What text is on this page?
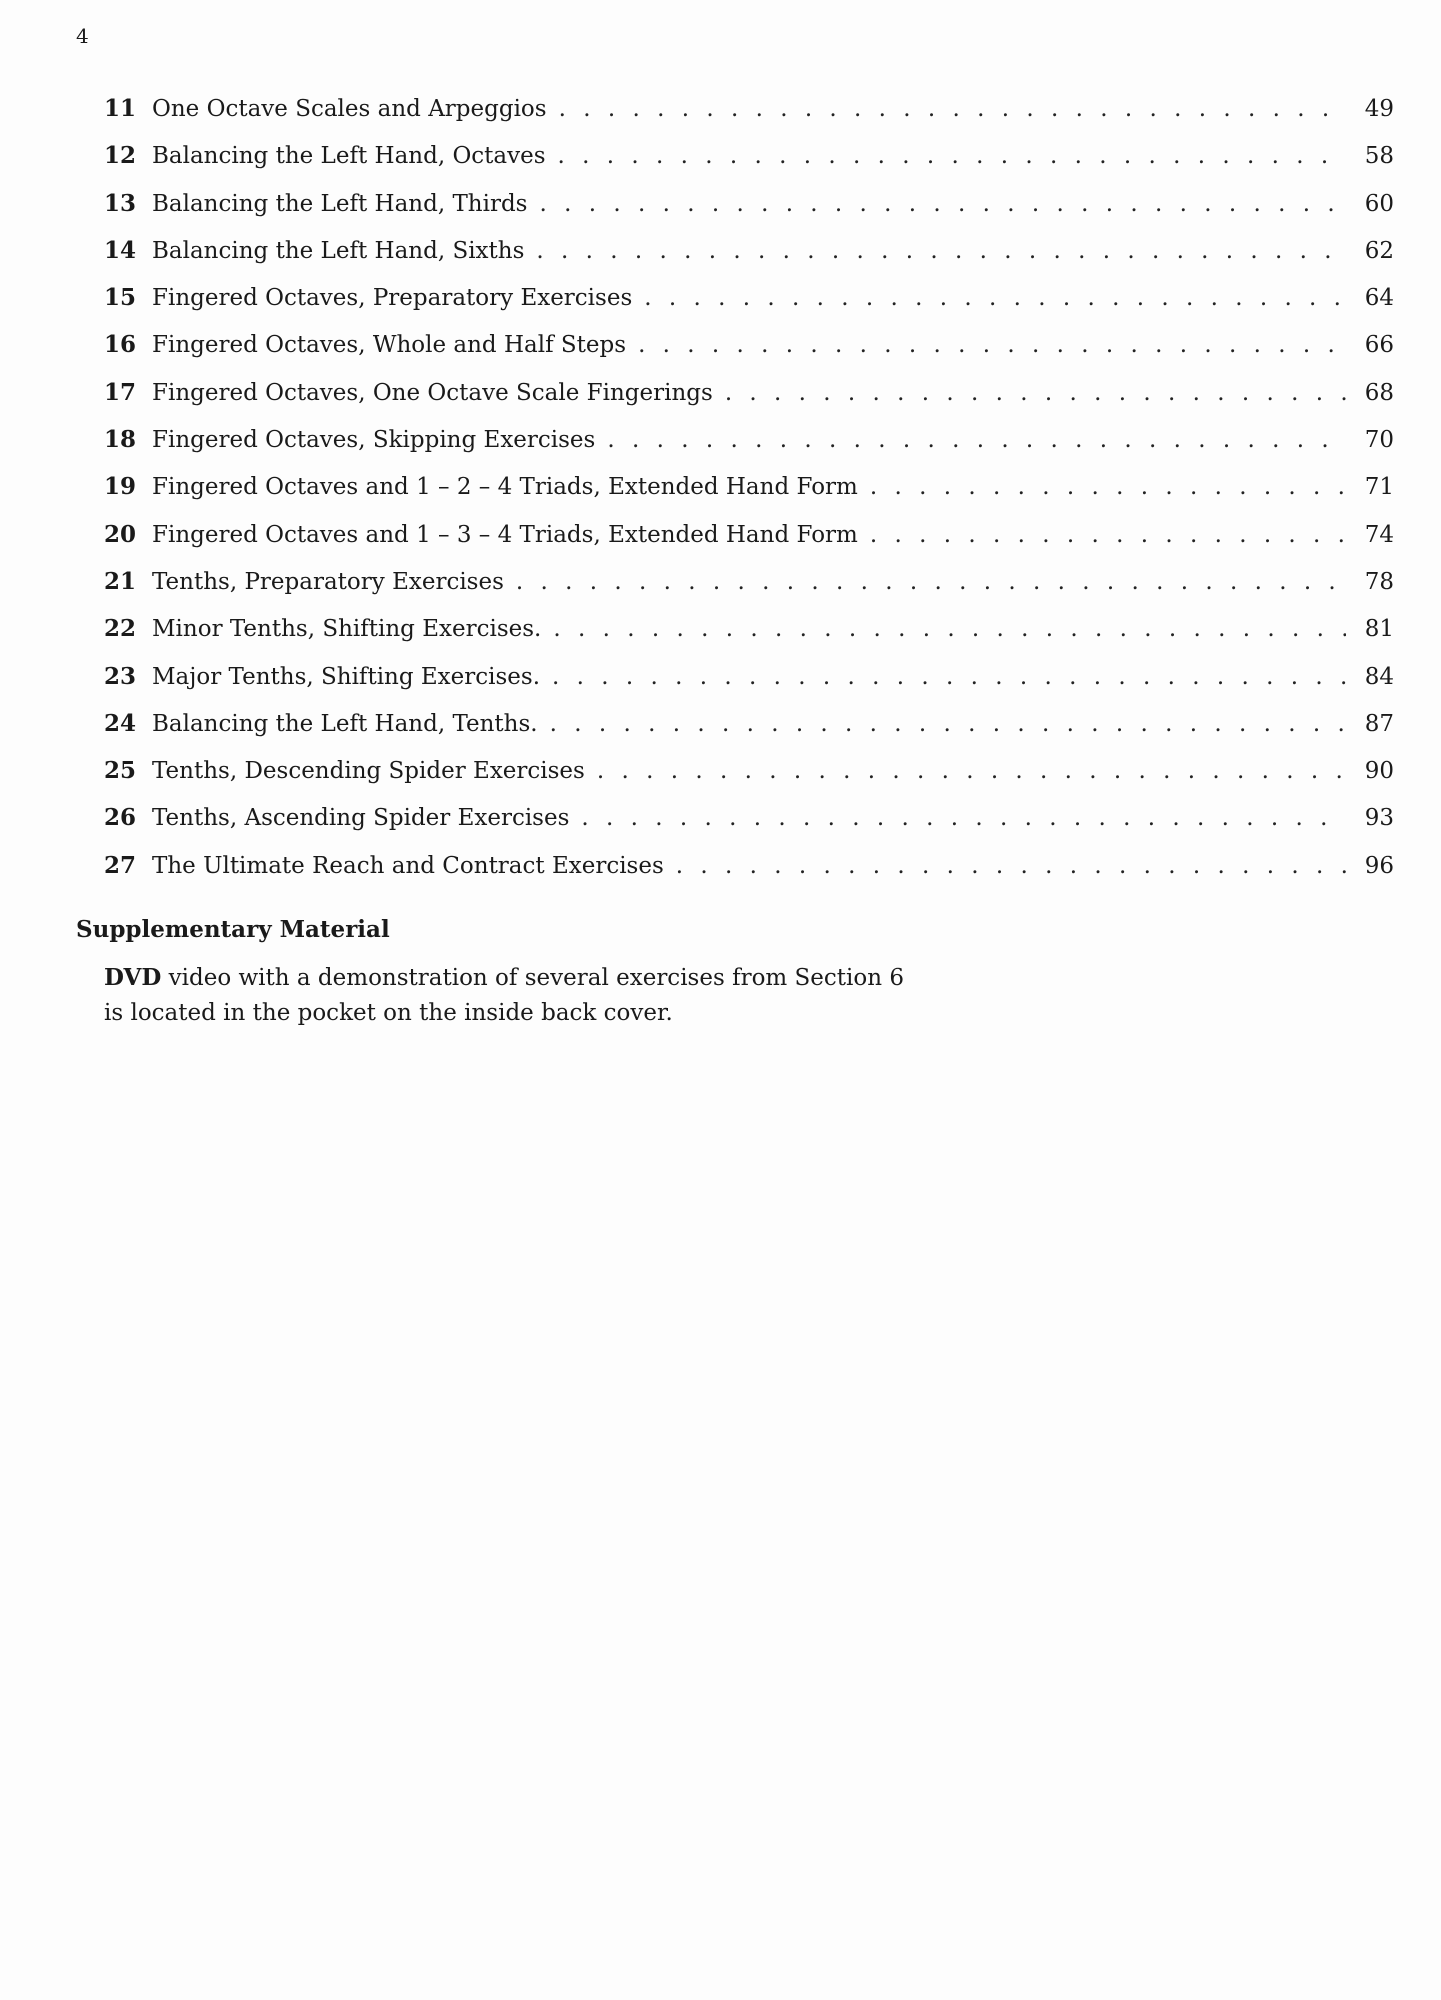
4
11 One Octave Scales and Arpeggios . . .	49
12 Balancing the Left Hand, Octaves . . .	58
13 Balancing the Left Hand, Thirds . . .	60
14 Balancing the Left Hand, Sixths . . .	62
15 Fingered Octaves, Preparatory Exercises . . .	64
16 Fingered Octaves, Whole and Half Steps . . .	66
17 Fingered Octaves, One Octave Scale Fingerings . . .	68
18 Fingered Octaves, Skipping Exercises . . .	70
19 Fingered Octaves and 1 – 2 – 4 Triads, Extended Hand Form . . .	71
20 Fingered Octaves and 1 – 3 – 4 Triads, Extended Hand Form . . .	74
21 Tenths, Preparatory Exercises . . .	78
22 Minor Tenths, Shifting Exercises. . . .	81
23 Major Tenths, Shifting Exercises. . . .	84
24 Balancing the Left Hand, Tenths. . . .	87
25 Tenths, Descending Spider Exercises . . .	90
26 Tenths, Ascending Spider Exercises . . .	93
27 The Ultimate Reach and Contract Exercises . . .	96
Supplementary Material
DVD video with a demonstration of several exercises from Section 6
is located in the pocket on the inside back cover.
